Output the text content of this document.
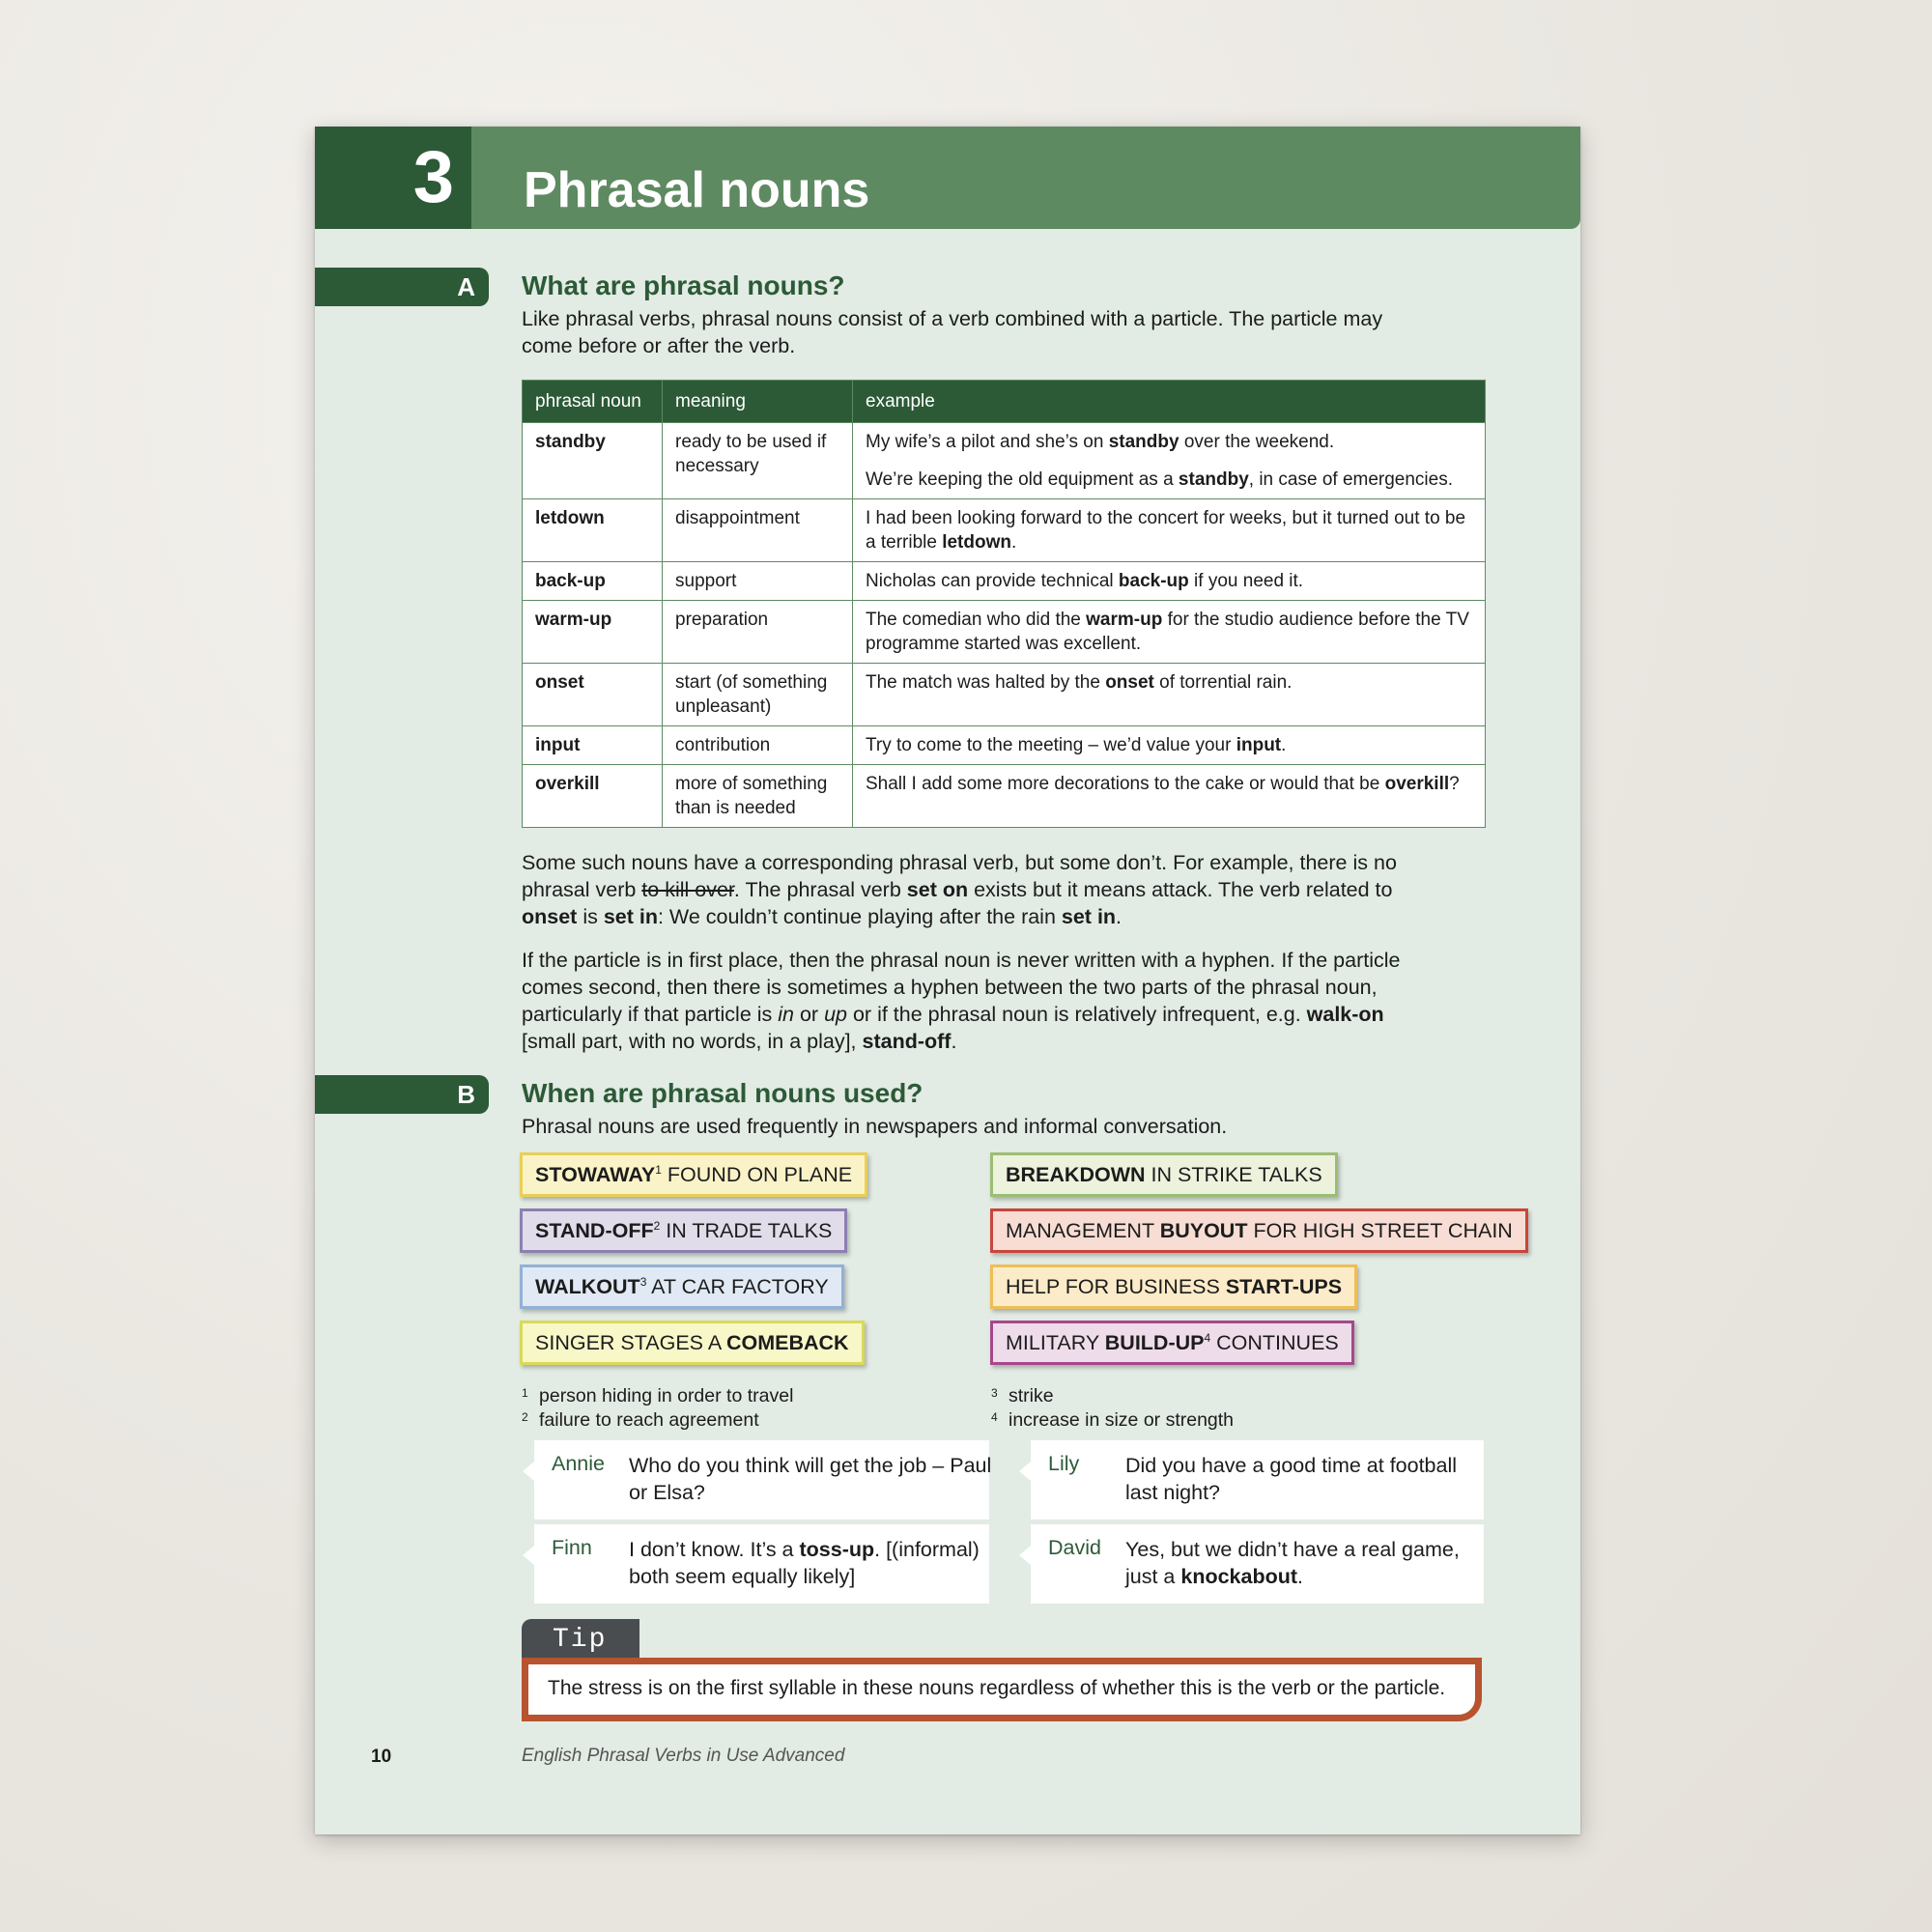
3	Phrasal nouns
A	What are phrasal nouns?

Like phrasal verbs, phrasal nouns consist of a verb combined with a particle. The particle may come before or after the verb.

phrasal noun	meaning	example
standby	ready to be used if necessary	My wife’s a pilot and she’s on standby over the weekend.
We’re keeping the old equipment as a standby, in case of emergencies.

letdown	disappointment	I had been looking forward to the concert for weeks, but it turned out to be a terrible letdown.

back-up	support	Nicholas can provide technical back-up if you need it.

warm-up	preparation	The comedian who did the warm-up for the studio audience before the TV programme started was excellent.

onset	start (of something unpleasant)	The match was halted by the onset of torrential rain.

input	contribution	Try to come to the meeting – we’d value your input.

overkill	more of something than is needed	Shall I add some more decorations to the cake or would that be overkill?

Some such nouns have a corresponding phrasal verb, but some don’t. For example, there is no phrasal verb to kill over. The phrasal verb set on exists but it means attack. The verb related to onset is set in: We couldn’t continue playing after the rain set in.

If the particle is in first place, then the phrasal noun is never written with a hyphen. If the particle comes second, then there is sometimes a hyphen between the two parts of the phrasal noun, particularly if that particle is in or up or if the phrasal noun is relatively infrequent, e.g. walk-on [small part, with no words, in a play], stand-off.

B	When are phrasal nouns used?

Phrasal nouns are used frequently in newspapers and informal conversation.

STOWAWAY$^1$ FOUND ON PLANE	BREAKDOWN IN STRIKE TALKS
STAND-OFF$^2$ IN TRADE TALKS	MANAGEMENT BUYOUT FOR HIGH STREET CHAIN
WALKOUT$^3$ AT CAR FACTORY	HELP FOR BUSINESS START-UPS
SINGER STAGES A COMEBACK	MILITARY BUILD-$UP^4$ CONTINUES
1 person hiding in order to travel
2 failure to reach agreement
3 strike
4 increase in size or strength
Annie Who do you think will get the job – Paul or Elsa?
Lily Did you have a good time at football last night?
Finn I don’t know. It’s a toss-up. [(informal) both seem equally likely]
David Yes, but we didn’t have a real game, just a knockabout.
Tip
The stress is on the first syllable in these nouns regardless of whether this is the verb or the particle.
10	English Phrasal Verbs in Use Advanced
